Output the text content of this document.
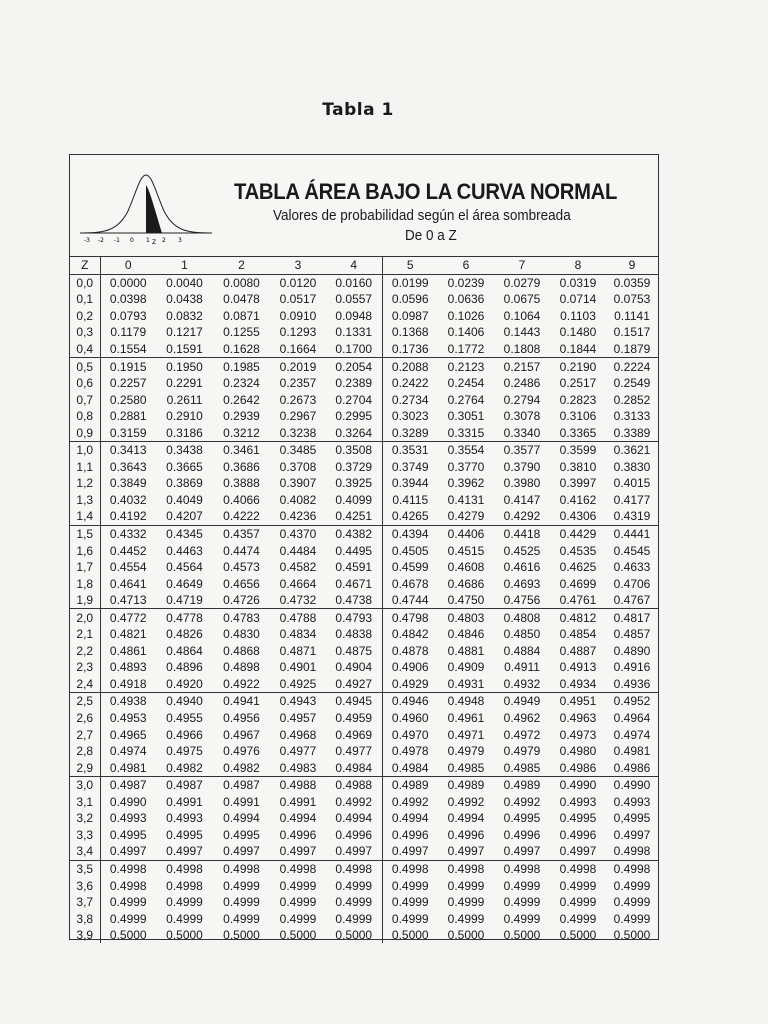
Tabla 1
-3 -2 -1 0 1 2 3
Z
TABLA ÁREA BAJO LA CURVA NORMAL
Valores de probabilidad según el área sombreada
De 0 a Z
Z	0	1	2	3	4	5	6	7	8	9
0,0	0.0000	0.0040	0.0080	0.0120	0.0160	0.0199	0.0239	0.0279	0.0319	0.0359
0,1	0.0398	0.0438	0.0478	0.0517	0.0557	0.0596	0.0636	0.0675	0.0714	0.0753
0,2	0.0793	0.0832	0.0871	0.0910	0.0948	0.0987	0.1026	0.1064	0.1103	0.1141
0,3	0.1179	0.1217	0.1255	0.1293	0.1331	0.1368	0.1406	0.1443	0.1480	0.1517
0,4	0.1554	0.1591	0.1628	0.1664	0.1700	0.1736	0.1772	0.1808	0.1844	0.1879
0,5	0.1915	0.1950	0.1985	0.2019	0.2054	0.2088	0.2123	0.2157	0.2190	0.2224
0,6	0.2257	0.2291	0.2324	0.2357	0.2389	0.2422	0.2454	0.2486	0.2517	0.2549
0,7	0.2580	0.2611	0.2642	0.2673	0.2704	0.2734	0.2764	0.2794	0.2823	0.2852
0,8	0.2881	0.2910	0.2939	0.2967	0.2995	0.3023	0.3051	0.3078	0.3106	0.3133
0,9	0.3159	0.3186	0.3212	0.3238	0.3264	0.3289	0.3315	0.3340	0.3365	0.3389
1,0	0.3413	0.3438	0.3461	0.3485	0.3508	0.3531	0.3554	0.3577	0.3599	0.3621
1,1	0.3643	0.3665	0.3686	0.3708	0.3729	0.3749	0.3770	0.3790	0.3810	0.3830
1,2	0.3849	0.3869	0.3888	0.3907	0.3925	0.3944	0.3962	0.3980	0.3997	0.4015
1,3	0.4032	0.4049	0.4066	0.4082	0.4099	0.4115	0.4131	0.4147	0.4162	0.4177
1,4	0.4192	0.4207	0.4222	0.4236	0.4251	0.4265	0.4279	0.4292	0.4306	0.4319
1,5	0.4332	0.4345	0.4357	0.4370	0.4382	0.4394	0.4406	0.4418	0.4429	0.4441
1,6	0.4452	0.4463	0.4474	0.4484	0.4495	0.4505	0.4515	0.4525	0.4535	0.4545
1,7	0.4554	0.4564	0.4573	0.4582	0.4591	0.4599	0.4608	0.4616	0.4625	0.4633
1,8	0.4641	0.4649	0.4656	0.4664	0.4671	0.4678	0.4686	0.4693	0.4699	0.4706
1,9	0.4713	0.4719	0.4726	0.4732	0.4738	0.4744	0.4750	0.4756	0.4761	0.4767
2,0	0.4772	0.4778	0.4783	0.4788	0.4793	0.4798	0.4803	0.4808	0.4812	0.4817
2,1	0.4821	0.4826	0.4830	0.4834	0.4838	0.4842	0.4846	0.4850	0.4854	0.4857
2,2	0.4861	0.4864	0.4868	0.4871	0.4875	0.4878	0.4881	0.4884	0.4887	0.4890
2,3	0.4893	0.4896	0.4898	0.4901	0.4904	0.4906	0.4909	0.4911	0.4913	0.4916
2,4	0.4918	0.4920	0.4922	0.4925	0.4927	0.4929	0.4931	0.4932	0.4934	0.4936
2,5	0.4938	0.4940	0.4941	0.4943	0.4945	0.4946	0.4948	0.4949	0.4951	0.4952
2,6	0.4953	0.4955	0.4956	0.4957	0.4959	0.4960	0.4961	0.4962	0.4963	0.4964
2,7	0.4965	0.4966	0.4967	0.4968	0.4969	0.4970	0.4971	0.4972	0.4973	0.4974
2,8	0.4974	0.4975	0.4976	0.4977	0.4977	0.4978	0.4979	0.4979	0.4980	0.4981
2,9	0.4981	0.4982	0.4982	0.4983	0.4984	0.4984	0.4985	0.4985	0.4986	0.4986
3,0	0.4987	0.4987	0.4987	0.4988	0.4988	0.4989	0.4989	0.4989	0.4990	0.4990
3,1	0.4990	0.4991	0.4991	0.4991	0.4992	0.4992	0.4992	0.4992	0.4993	0.4993
3,2	0.4993	0.4993	0.4994	0.4994	0.4994	0.4994	0.4994	0.4995	0.4995	0,4995
3,3	0.4995	0.4995	0.4995	0.4996	0.4996	0.4996	0.4996	0.4996	0.4996	0.4997
3,4	0.4997	0.4997	0.4997	0.4997	0.4997	0.4997	0.4997	0.4997	0.4997	0.4998
3,5	0.4998	0.4998	0.4998	0.4998	0.4998	0.4998	0.4998	0.4998	0.4998	0.4998
3,6	0.4998	0.4998	0.4999	0.4999	0.4999	0.4999	0.4999	0.4999	0.4999	0.4999
3,7	0.4999	0.4999	0.4999	0.4999	0.4999	0.4999	0.4999	0.4999	0.4999	0.4999
3,8	0.4999	0.4999	0.4999	0.4999	0.4999	0.4999	0.4999	0.4999	0.4999	0.4999
3,9	0.5000	0.5000	0.5000	0.5000	0.5000	0.5000	0.5000	0.5000	0.5000	0.5000
